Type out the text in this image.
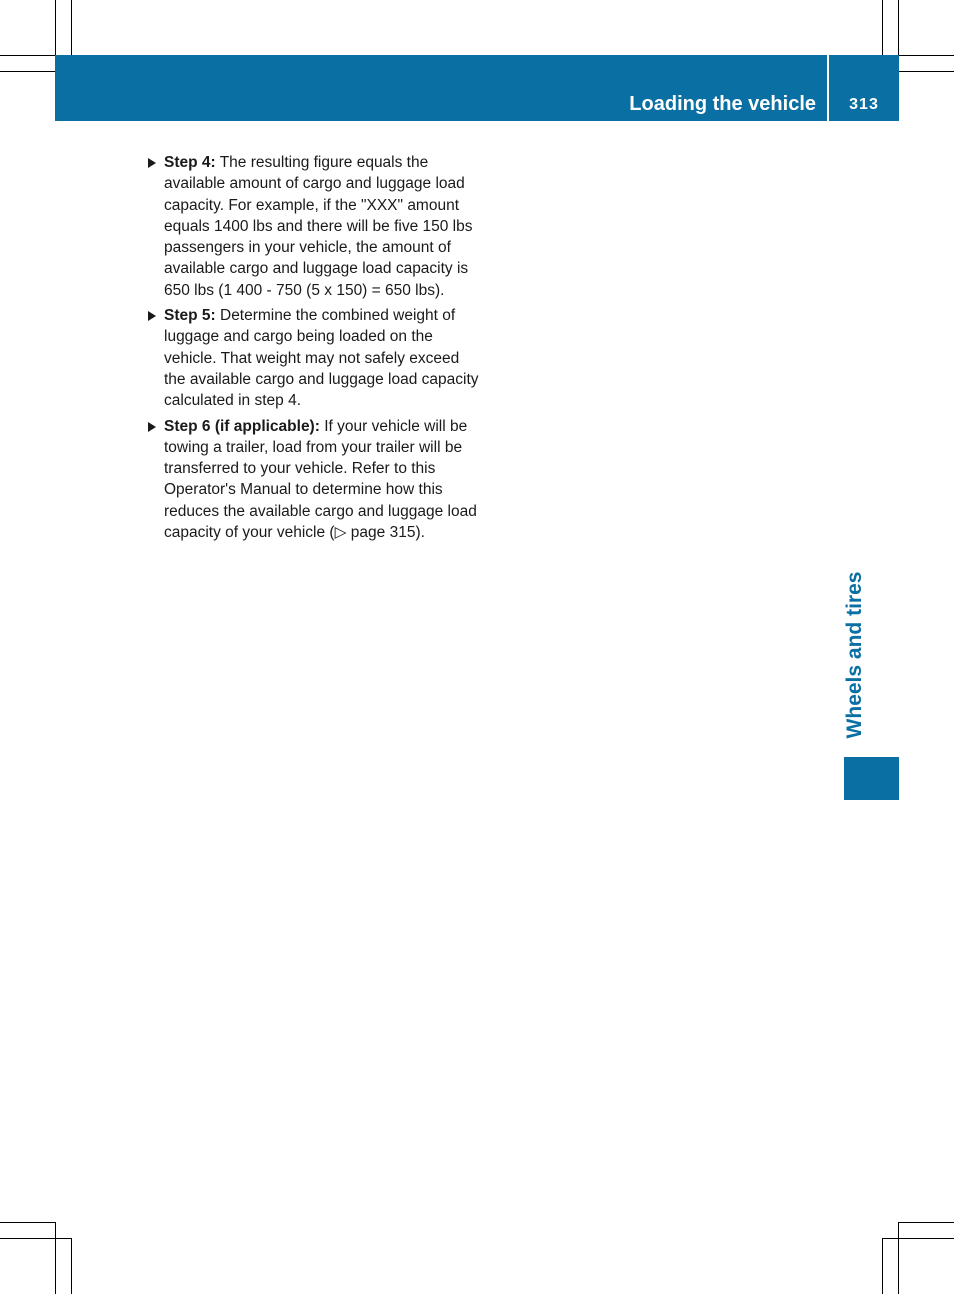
Loading the vehicle	313
Wheels and tires
Step 4: The resulting figure equals the available amount of cargo and luggage load capacity. For example, if the "XXX" amount equals 1400 lbs and there will be five 150 lbs passengers in your vehicle, the amount of available cargo and luggage load capacity is 650 lbs (1 400 - 750 (5 x 150) = 650 lbs).
Step 5: Determine the combined weight of luggage and cargo being loaded on the vehicle. That weight may not safely exceed the available cargo and luggage load capacity calculated in step 4.
Step 6 (if applicable): If your vehicle will be towing a trailer, load from your trailer will be transferred to your vehicle. Refer to this Operator's Manual to determine how this reduces the available cargo and luggage load capacity of your vehicle (▷ page 315).
